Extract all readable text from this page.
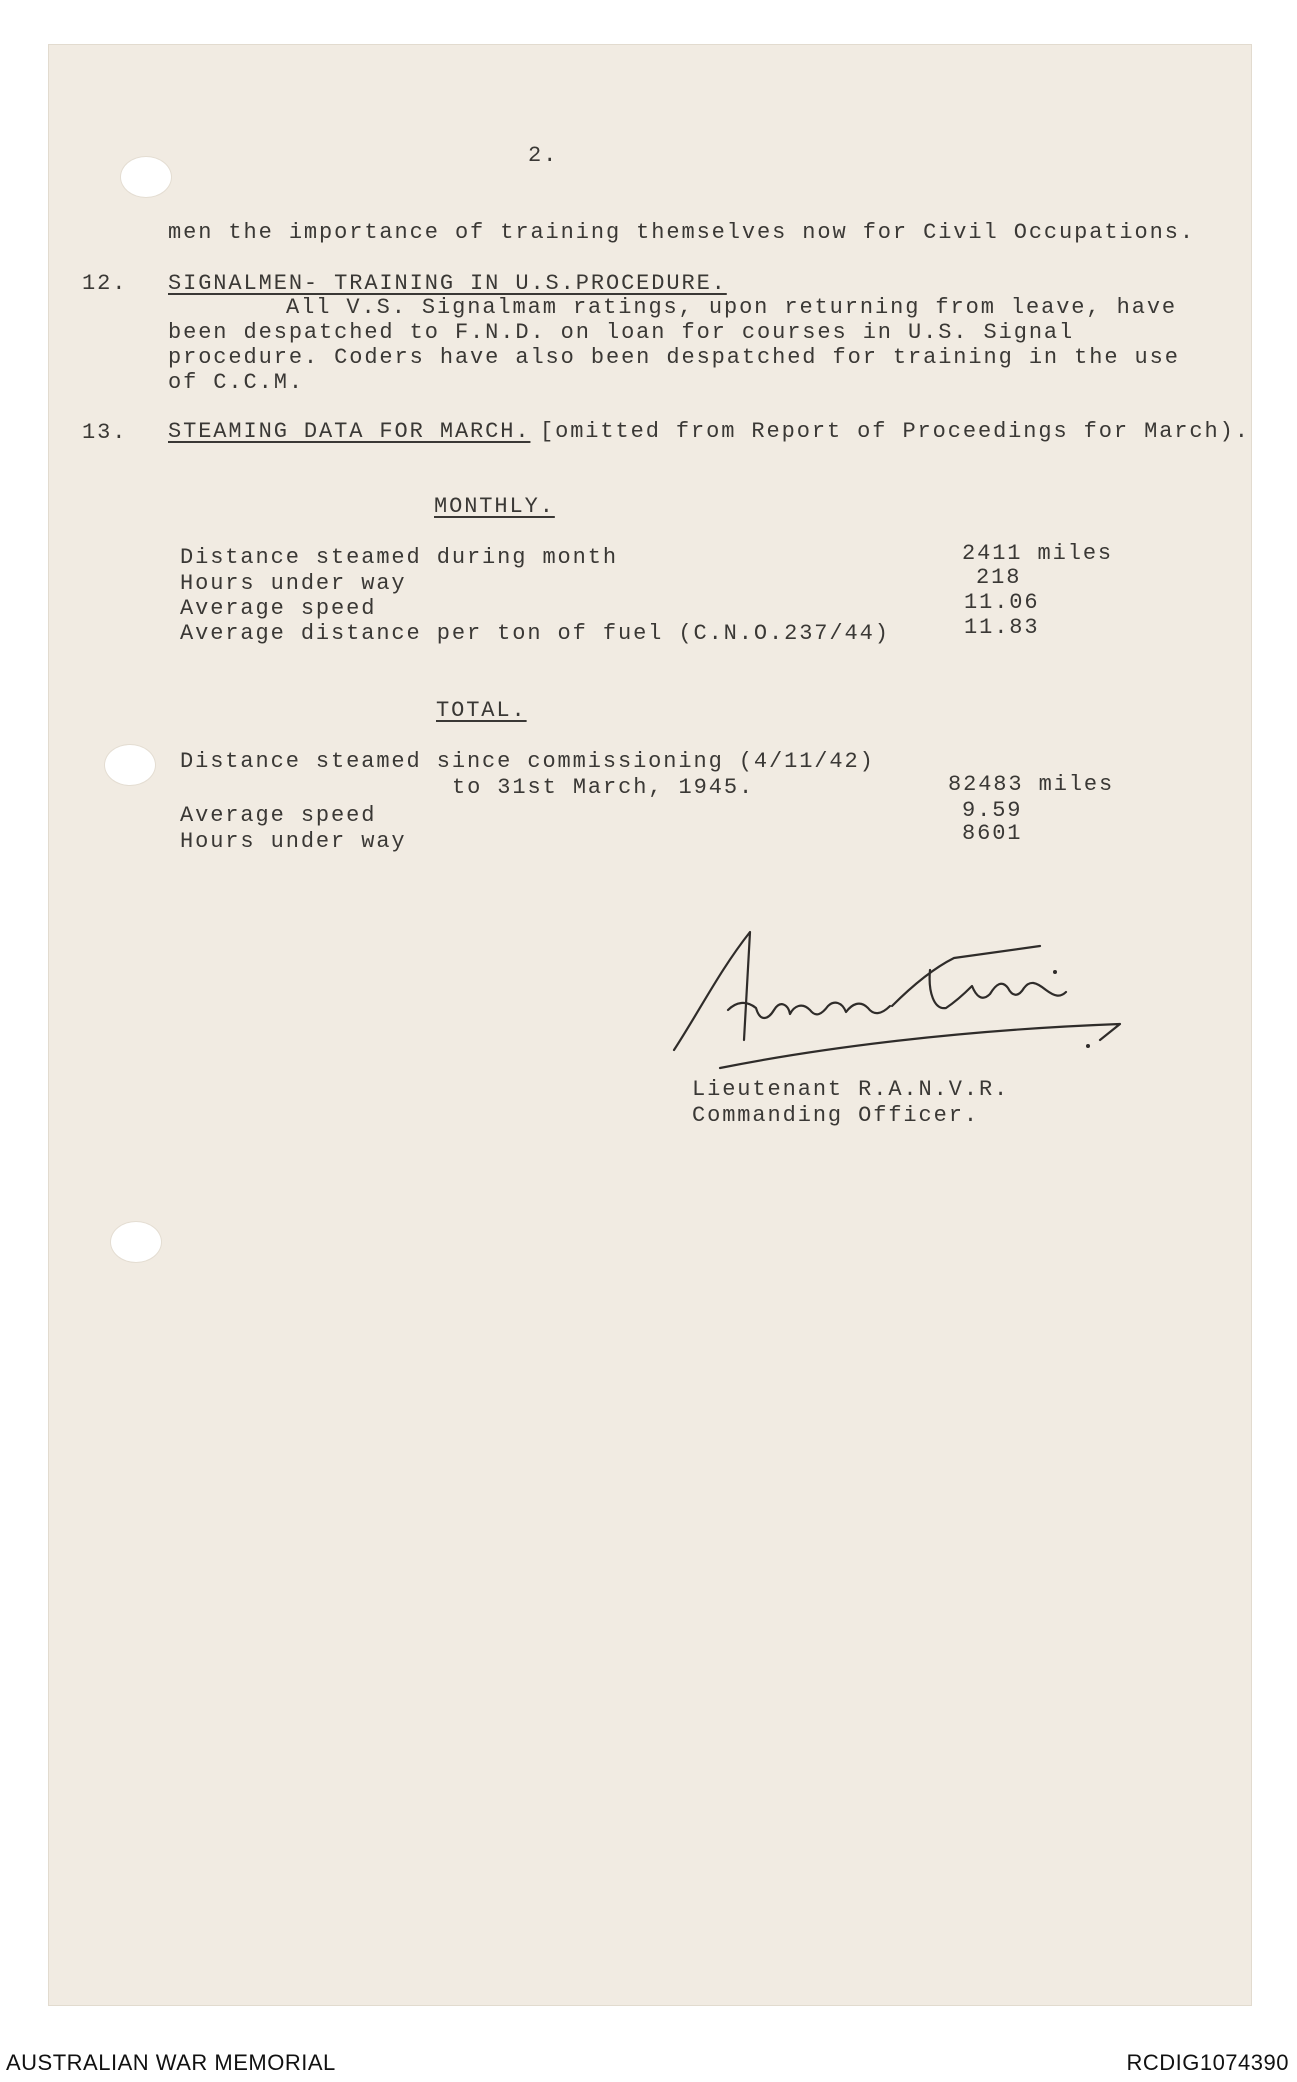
2.
men the importance of training themselves now for Civil Occupations.
12. SIGNALMEN- TRAINING IN U.S.PROCEDURE.
All V.S. Signalmam ratings, upon returning from leave, have
been despatched to F.N.D. on loan for courses in U.S. Signal
procedure. Coders have also been despatched for training in the use
of C.C.M.
13. STEAMING DATA FOR MARCH. [omitted from Report of Proceedings for March).
MONTHLY.
Distance steamed during month	2411 miles
Hours under way	218
Average speed	11.06
Average distance per ton of fuel (C.N.O.237/44)	11.83
TOTAL.
Distance steamed since commissioning (4/11/42)
to 31st March, 1945.	82483 miles
Average speed	9.59
Hours under way	8601
Lieutenant R.A.N.V.R.
Commanding Officer.
AUSTRALIAN WAR MEMORIAL	RCDIG1074390
